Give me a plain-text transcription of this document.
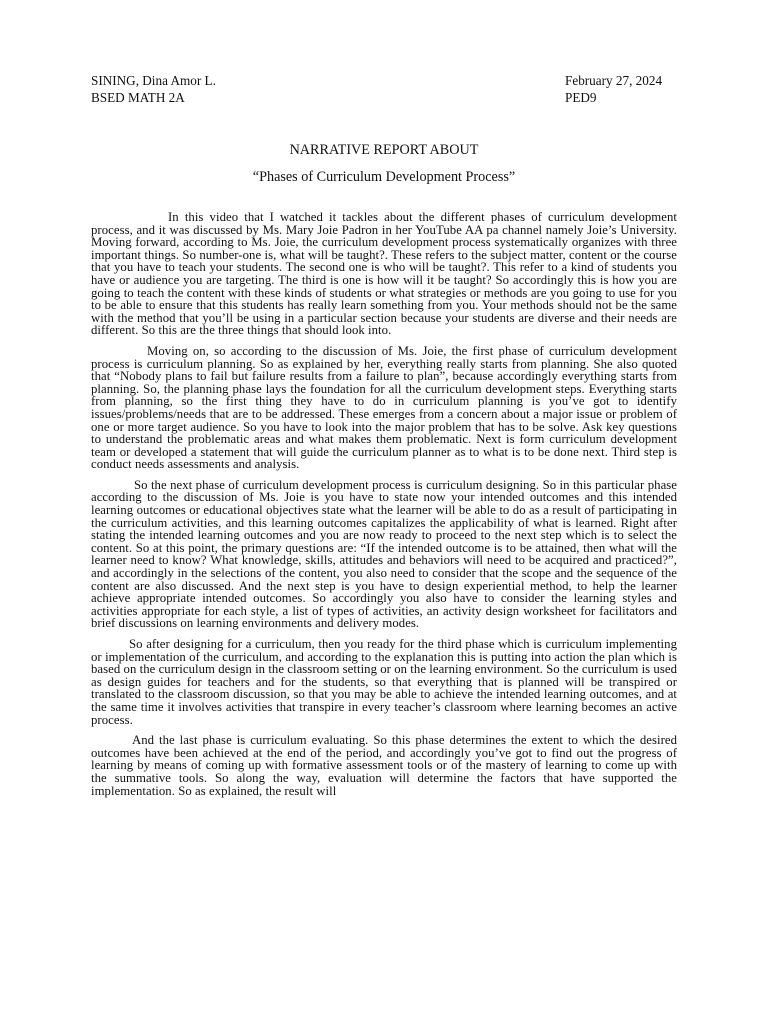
SINING, Dina Amor L.
BSED MATH 2A
February 27, 2024
PED9
NARRATIVE REPORT ABOUT
“Phases of Curriculum Development Process”

In this video that I watched it tackles about the different phases of curriculum development process, and it was discussed by Ms. Mary Joie Padron in her YouTube AA pa channel namely Joie’s University. Moving forward, according to Ms. Joie, the curriculum development process systematically organizes with three important things. So number-one is, what will be taught?. These refers to the subject matter, content or the course that you have to teach your students. The second one is who will be taught?. This refer to a kind of students you have or audience you are targeting. The third is one is how will it be taught? So accordingly this is how you are going to teach the content with these kinds of students or what strategies or methods are you going to use for you to be able to ensure that this students has really learn something from you. Your methods should not be the same with the method that you’ll be using in a particular section because your students are diverse and their needs are different. So this are the three things that should look into.

Moving on, so according to the discussion of Ms. Joie, the first phase of curriculum development process is curriculum planning. So as explained by her, everything really starts from planning. She also quoted that “Nobody plans to fail but failure results from a failure to plan”, because accordingly everything starts from planning. So, the planning phase lays the foundation for all the curriculum development steps. Everything starts from planning, so the first thing they have to do in curriculum planning is you’ve got to identify issues/problems/needs that are to be addressed. These emerges from a concern about a major issue or problem of one or more target audience. So you have to look into the major problem that has to be solve. Ask key questions to understand the problematic areas and what makes them problematic. Next is form curriculum development team or developed a statement that will guide the curriculum planner as to what is to be done next. Third step is conduct needs assessments and analysis.

So the next phase of curriculum development process is curriculum designing. So in this particular phase according to the discussion of Ms. Joie is you have to state now your intended outcomes and this intended learning outcomes or educational objectives state what the learner will be able to do as a result of participating in the curriculum activities, and this learning outcomes capitalizes the applicability of what is learned. Right after stating the intended learning outcomes and you are now ready to proceed to the next step which is to select the content. So at this point, the primary questions are: “If the intended outcome is to be attained, then what will the learner need to know? What knowledge, skills, attitudes and behaviors will need to be acquired and practiced?”, and accordingly in the selections of the content, you also need to consider that the scope and the sequence of the content are also discussed. And the next step is you have to design experiential method, to help the learner achieve appropriate intended outcomes. So accordingly you also have to consider the learning styles and activities appropriate for each style, a list of types of activities, an activity design worksheet for facilitators and brief discussions on learning environments and delivery modes.

So after designing for a curriculum, then you ready for the third phase which is curriculum implementing or implementation of the curriculum, and according to the explanation this is putting into action the plan which is based on the curriculum design in the classroom setting or on the learning environment. So the curriculum is used as design guides for teachers and for the students, so that everything that is planned will be transpired or translated to the classroom discussion, so that you may be able to achieve the intended learning outcomes, and at the same time it involves activities that transpire in every teacher’s classroom where learning becomes an active process.

And the last phase is curriculum evaluating. So this phase determines the extent to which the desired outcomes have been achieved at the end of the period, and accordingly you’ve got to find out the progress of learning by means of coming up with formative assessment tools or of the mastery of learning to come up with the summative tools. So along the way, evaluation will determine the factors that have supported the implementation. So as explained, the result will
